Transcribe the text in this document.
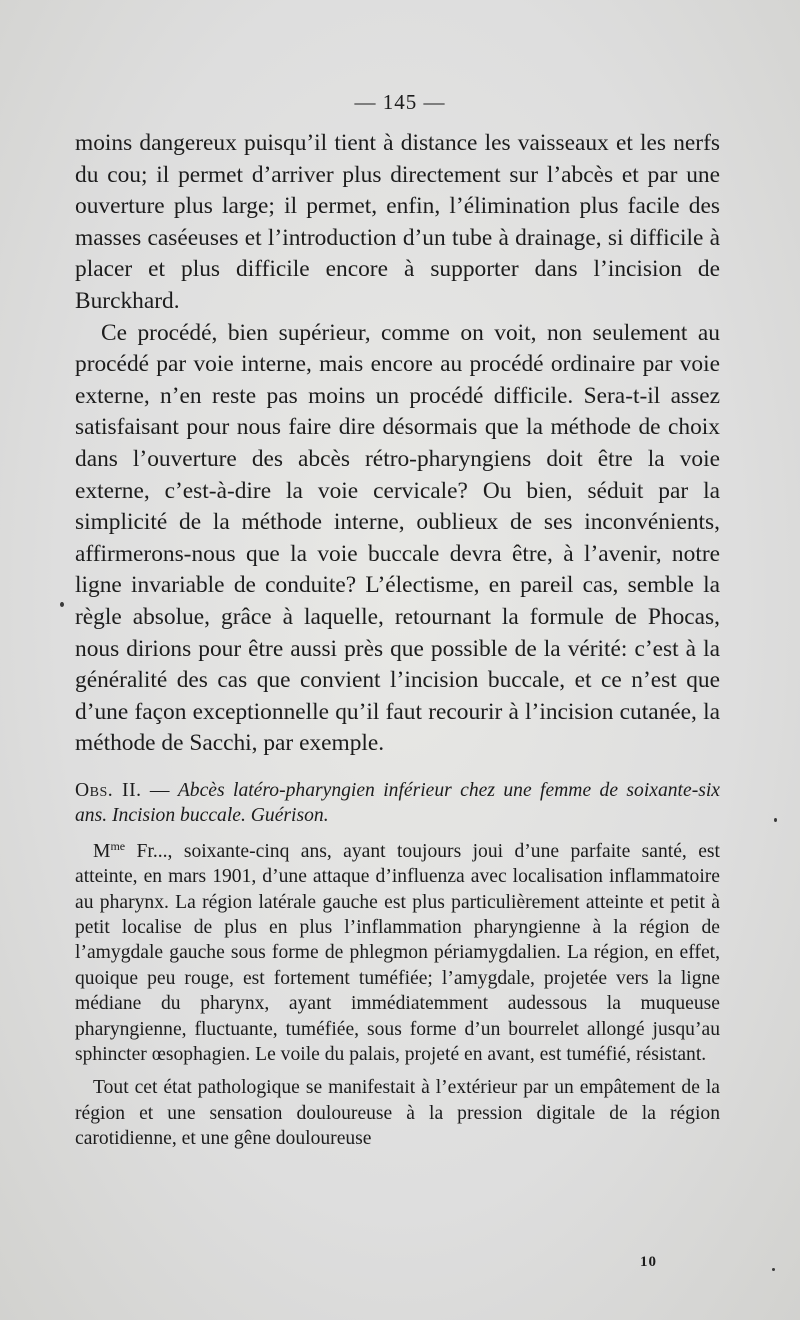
— 145 —

moins dangereux puisqu’il tient à distance les vaisseaux et les nerfs du cou; il permet d’arriver plus directement sur l’abcès et par une ouverture plus large; il permet, enfin, l’élimination plus facile des masses caséeuses et l’introduction d’un tube à drainage, si difficile à placer et plus difficile encore à supporter dans l’incision de Burckhard.

Ce procédé, bien supérieur, comme on voit, non seulement au procédé par voie interne, mais encore au procédé ordinaire par voie externe, n’en reste pas moins un procédé difficile. Sera-t-il assez satisfaisant pour nous faire dire désormais que la méthode de choix dans l’ouverture des abcès rétro-pharyngiens doit être la voie externe, c’est-à-dire la voie cervicale? Ou bien, séduit par la simplicité de la méthode interne, oublieux de ses inconvénients, affirmerons-nous que la voie buccale devra être, à l’avenir, notre ligne invariable de conduite? L’électisme, en pareil cas, semble la règle absolue, grâce à laquelle, retournant la formule de Phocas, nous dirions pour être aussi près que possible de la vérité: c’est à la généralité des cas que convient l’incision buccale, et ce n’est que d’une façon exceptionnelle qu’il faut recourir à l’incision cutanée, la méthode de Sacchi, par exemple.

Obs. II. — Abcès latéro-pharyngien inférieur chez une femme de soixante-six ans. Incision buccale. Guérison.

$M^{me}$ Fr..., soixante-cinq ans, ayant toujours joui d’une parfaite santé, est atteinte, en mars 1901, d’une attaque d’influenza avec localisation inflammatoire au pharynx. La région latérale gauche est plus particulièrement atteinte et petit à petit localise de plus en plus l’inflammation pharyngienne à la région de l’amygdale gauche sous forme de phlegmon périamygdalien. La région, en effet, quoique peu rouge, est fortement tuméfiée; l’amygdale, projetée vers la ligne médiane du pharynx, ayant immédiatemment audessous la muqueuse pharyngienne, fluctuante, tuméfiée, sous forme d’un bourrelet allongé jusqu’au sphincter œsophagien. Le voile du palais, projeté en avant, est tuméfié, résistant.

Tout cet état pathologique se manifestait à l’extérieur par un empâtement de la région et une sensation douloureuse à la pression digitale de la région carotidienne, et une gêne douloureuse

10
